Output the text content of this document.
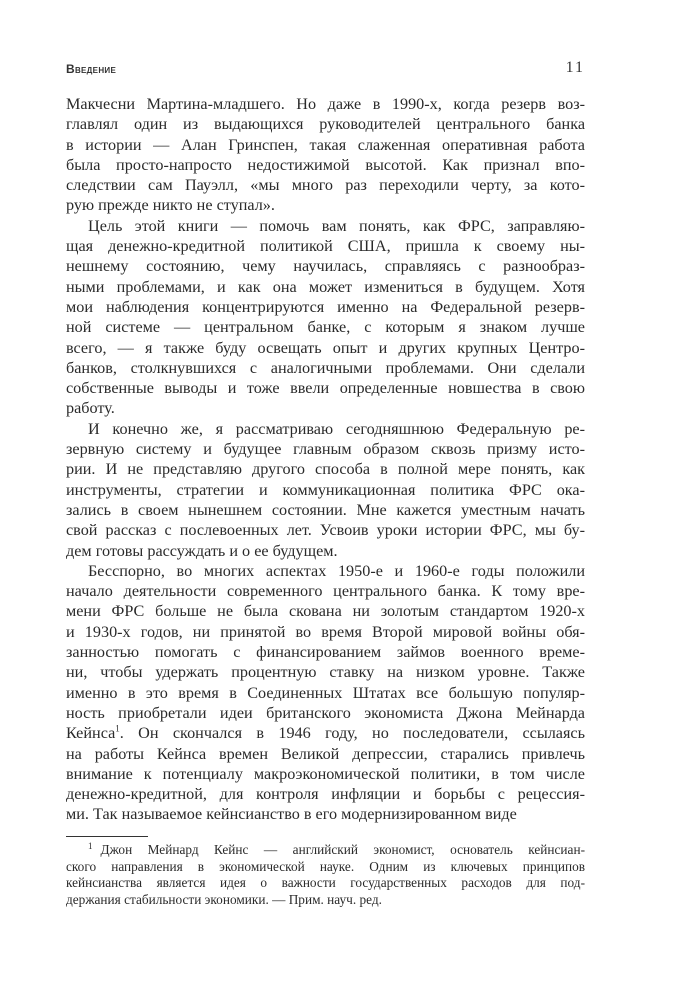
Введение	11
Макчесни Мартина-младшего. Но даже в 1990-х, когда резерв воз-
главлял один из выдающихся руководителей центрального банка
в истории — Алан Гринспен, такая слаженная оперативная работа
была просто-напросто недостижимой высотой. Как признал впо-
следствии сам Пауэлл, «мы много раз переходили черту, за кото-
рую прежде никто не ступал».
Цель этой книги — помочь вам понять, как ФРС, заправляю-
щая денежно-кредитной политикой США, пришла к своему ны-
нешнему состоянию, чему научилась, справляясь с разнообраз-
ными проблемами, и как она может измениться в будущем. Хотя
мои наблюдения концентрируются именно на Федеральной резерв-
ной системе — центральном банке, с которым я знаком лучше
всего, — я также буду освещать опыт и других крупных Центро-
банков, столкнувшихся с аналогичными проблемами. Они сделали
собственные выводы и тоже ввели определенные новшества в свою
работу.
И конечно же, я рассматриваю сегодняшнюю Федеральную ре-
зервную систему и будущее главным образом сквозь призму исто-
рии. И не представляю другого способа в полной мере понять, как
инструменты, стратегии и коммуникационная политика ФРС ока-
зались в своем нынешнем состоянии. Мне кажется уместным начать
свой рассказ с послевоенных лет. Усвоив уроки истории ФРС, мы бу-
дем готовы рассуждать и о ее будущем.
Бесспорно, во многих аспектах 1950-е и 1960-е годы положили
начало деятельности современного центрального банка. К тому вре-
мени ФРС больше не была скована ни золотым стандартом 1920-х
и 1930-х годов, ни принятой во время Второй мировой войны обя-
занностью помогать с финансированием займов военного време-
ни, чтобы удержать процентную ставку на низком уровне. Также
именно в это время в Соединенных Штатах все большую популяр-
ность приобретали идеи британского экономиста Джона Мейнарда
Кейнса$^1$. Он скончался в 1946 году, но последователи, ссылаясь
на работы Кейнса времен Великой депрессии, старались привлечь
внимание к потенциалу макроэкономической политики, в том числе
денежно-кредитной, для контроля инфляции и борьбы с рецессия-
ми. Так называемое кейнсианство в его модернизированном виде
$^1$ Джон Мейнард Кейнс — английский экономист, основатель кейнсиан-
ского направления в экономической науке. Одним из ключевых принципов
кейнсианства является идея о важности государственных расходов для под-
держания стабильности экономики. — Прим. науч. ред.
